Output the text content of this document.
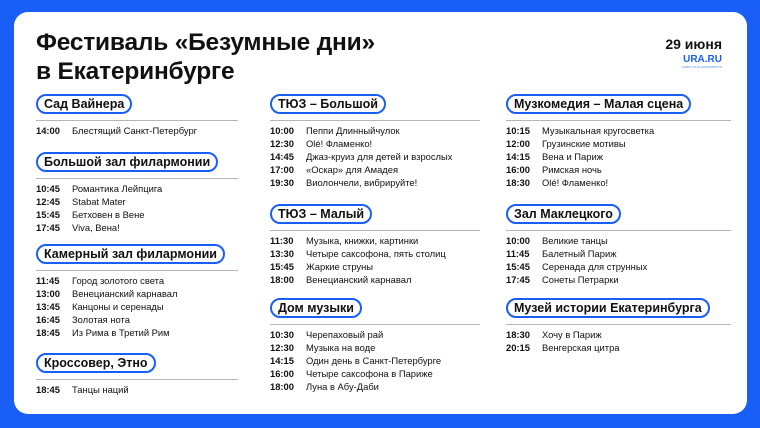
Фестиваль «Безумные дни»
в Екатеринбурге
29 июня
URA.RU
НОВОСТИ ЕКАТЕРИНБУРГА
Сад Вайнера
14:00 Блестящий Санкт-Петербург
Большой зал филармонии
10:45 Романтика Лейпцига
12:45 Stabat Mater
15:45 Бетховен в Вене
17:45 Viva, Вена!
Камерный зал филармонии
11:45 Город золотого света
13:00 Венецианский карнавал
13:45 Канцоны и серенады
16:45 Золотая нота
18:45 Из Рима в Третий Рим
Кроссовер, Этно
18:45 Танцы наций
ТЮЗ – Большой
10:00 Пеппи Длинныйчулок
12:30 Olé! Фламенко!
14:45 Джаз-круиз для детей и взрослых
17:00 «Оскар» для Амадея
19:30 Виолончели, вибрируйте!
ТЮЗ – Малый
11:30 Музыка, книжки, картинки
13:30 Четыре саксофона, пять столиц
15:45 Жаркие струны
18:00 Венецианский карнавал
Дом музыки
10:30 Черепаховый рай
12:30 Музыка на воде
14:15 Один день в Санкт-Петербурге
16:00 Четыре саксофона в Париже
18:00 Луна в Абу-Даби
Музкомедия – Малая сцена
10:15 Музыкальная кругосветка
12:00 Грузинские мотивы
14:15 Вена и Париж
16:00 Римская ночь
18:30 Olé! Фламенко!
Зал Маклецкого
10:00 Великие танцы
11:45 Балетный Париж
15:45 Серенада для струнных
17:45 Сонеты Петрарки
Музей истории Екатеринбурга
18:30 Хочу в Париж
20:15 Венгерская цитра
